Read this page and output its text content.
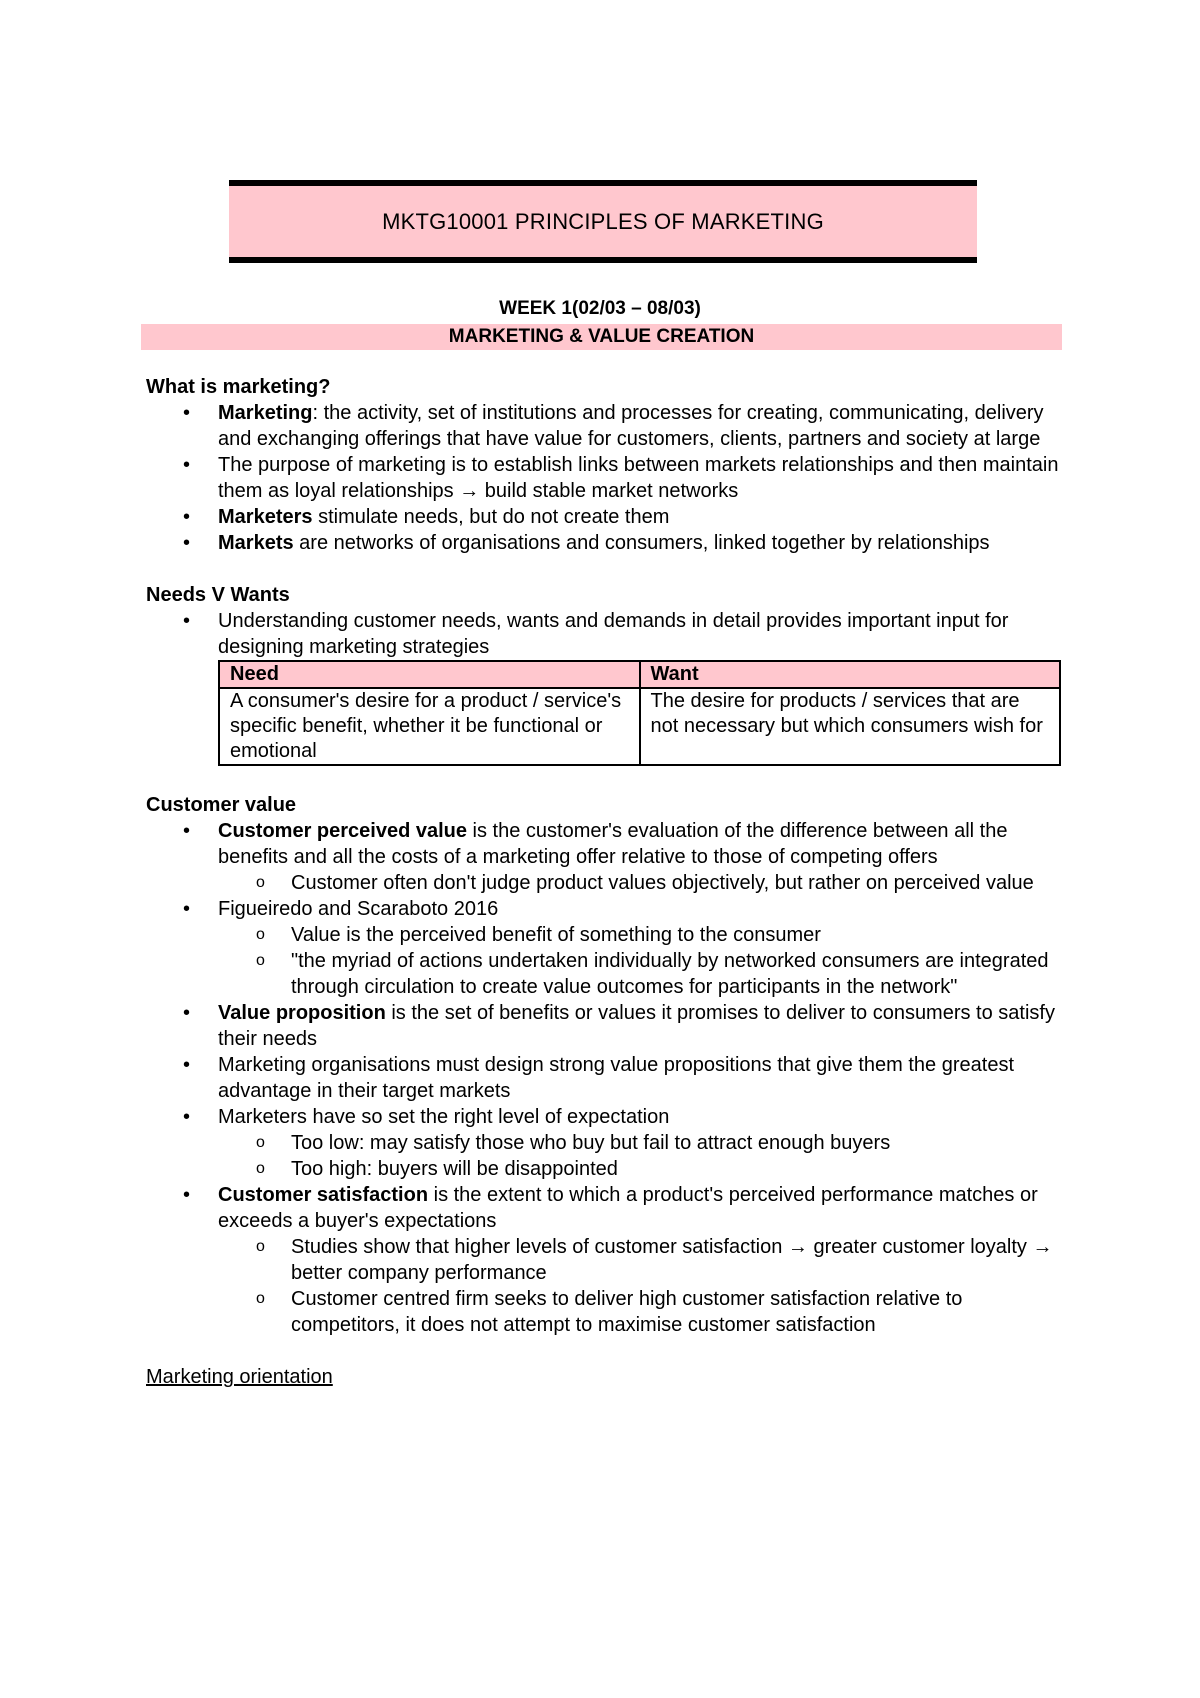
MKTG10001 PRINCIPLES OF MARKETING
WEEK 1(02/03 – 08/03)
MARKETING & VALUE CREATION
What is marketing?
• Marketing: the activity, set of institutions and processes for creating, communicating, delivery and exchanging offerings that have value for customers, clients, partners and society at large
• The purpose of marketing is to establish links between markets relationships and then maintain them as loyal relationships → build stable market networks
• Marketers stimulate needs, but do not create them
• Markets are networks of organisations and consumers, linked together by relationships
Needs V Wants
• Understanding customer needs, wants and demands in detail provides important input for designing marketing strategies
Need	Want
A consumer's desire for a product / service's specific benefit, whether it be functional or emotional	The desire for products / services that are not necessary but which consumers wish for
Customer value
• Customer perceived value is the customer's evaluation of the difference between all the benefits and all the costs of a marketing offer relative to those of competing offers
o Customer often don't judge product values objectively, but rather on perceived value
• Figueiredo and Scaraboto 2016
o Value is the perceived benefit of something to the consumer
o "the myriad of actions undertaken individually by networked consumers are integrated through circulation to create value outcomes for participants in the network"
• Value proposition is the set of benefits or values it promises to deliver to consumers to satisfy their needs
• Marketing organisations must design strong value propositions that give them the greatest advantage in their target markets
• Marketers have so set the right level of expectation
o Too low: may satisfy those who buy but fail to attract enough buyers
o Too high: buyers will be disappointed
• Customer satisfaction is the extent to which a product's perceived performance matches or exceeds a buyer's expectations
o Studies show that higher levels of customer satisfaction → greater customer loyalty → better company performance
o Customer centred firm seeks to deliver high customer satisfaction relative to competitors, it does not attempt to maximise customer satisfaction
Marketing orientation
